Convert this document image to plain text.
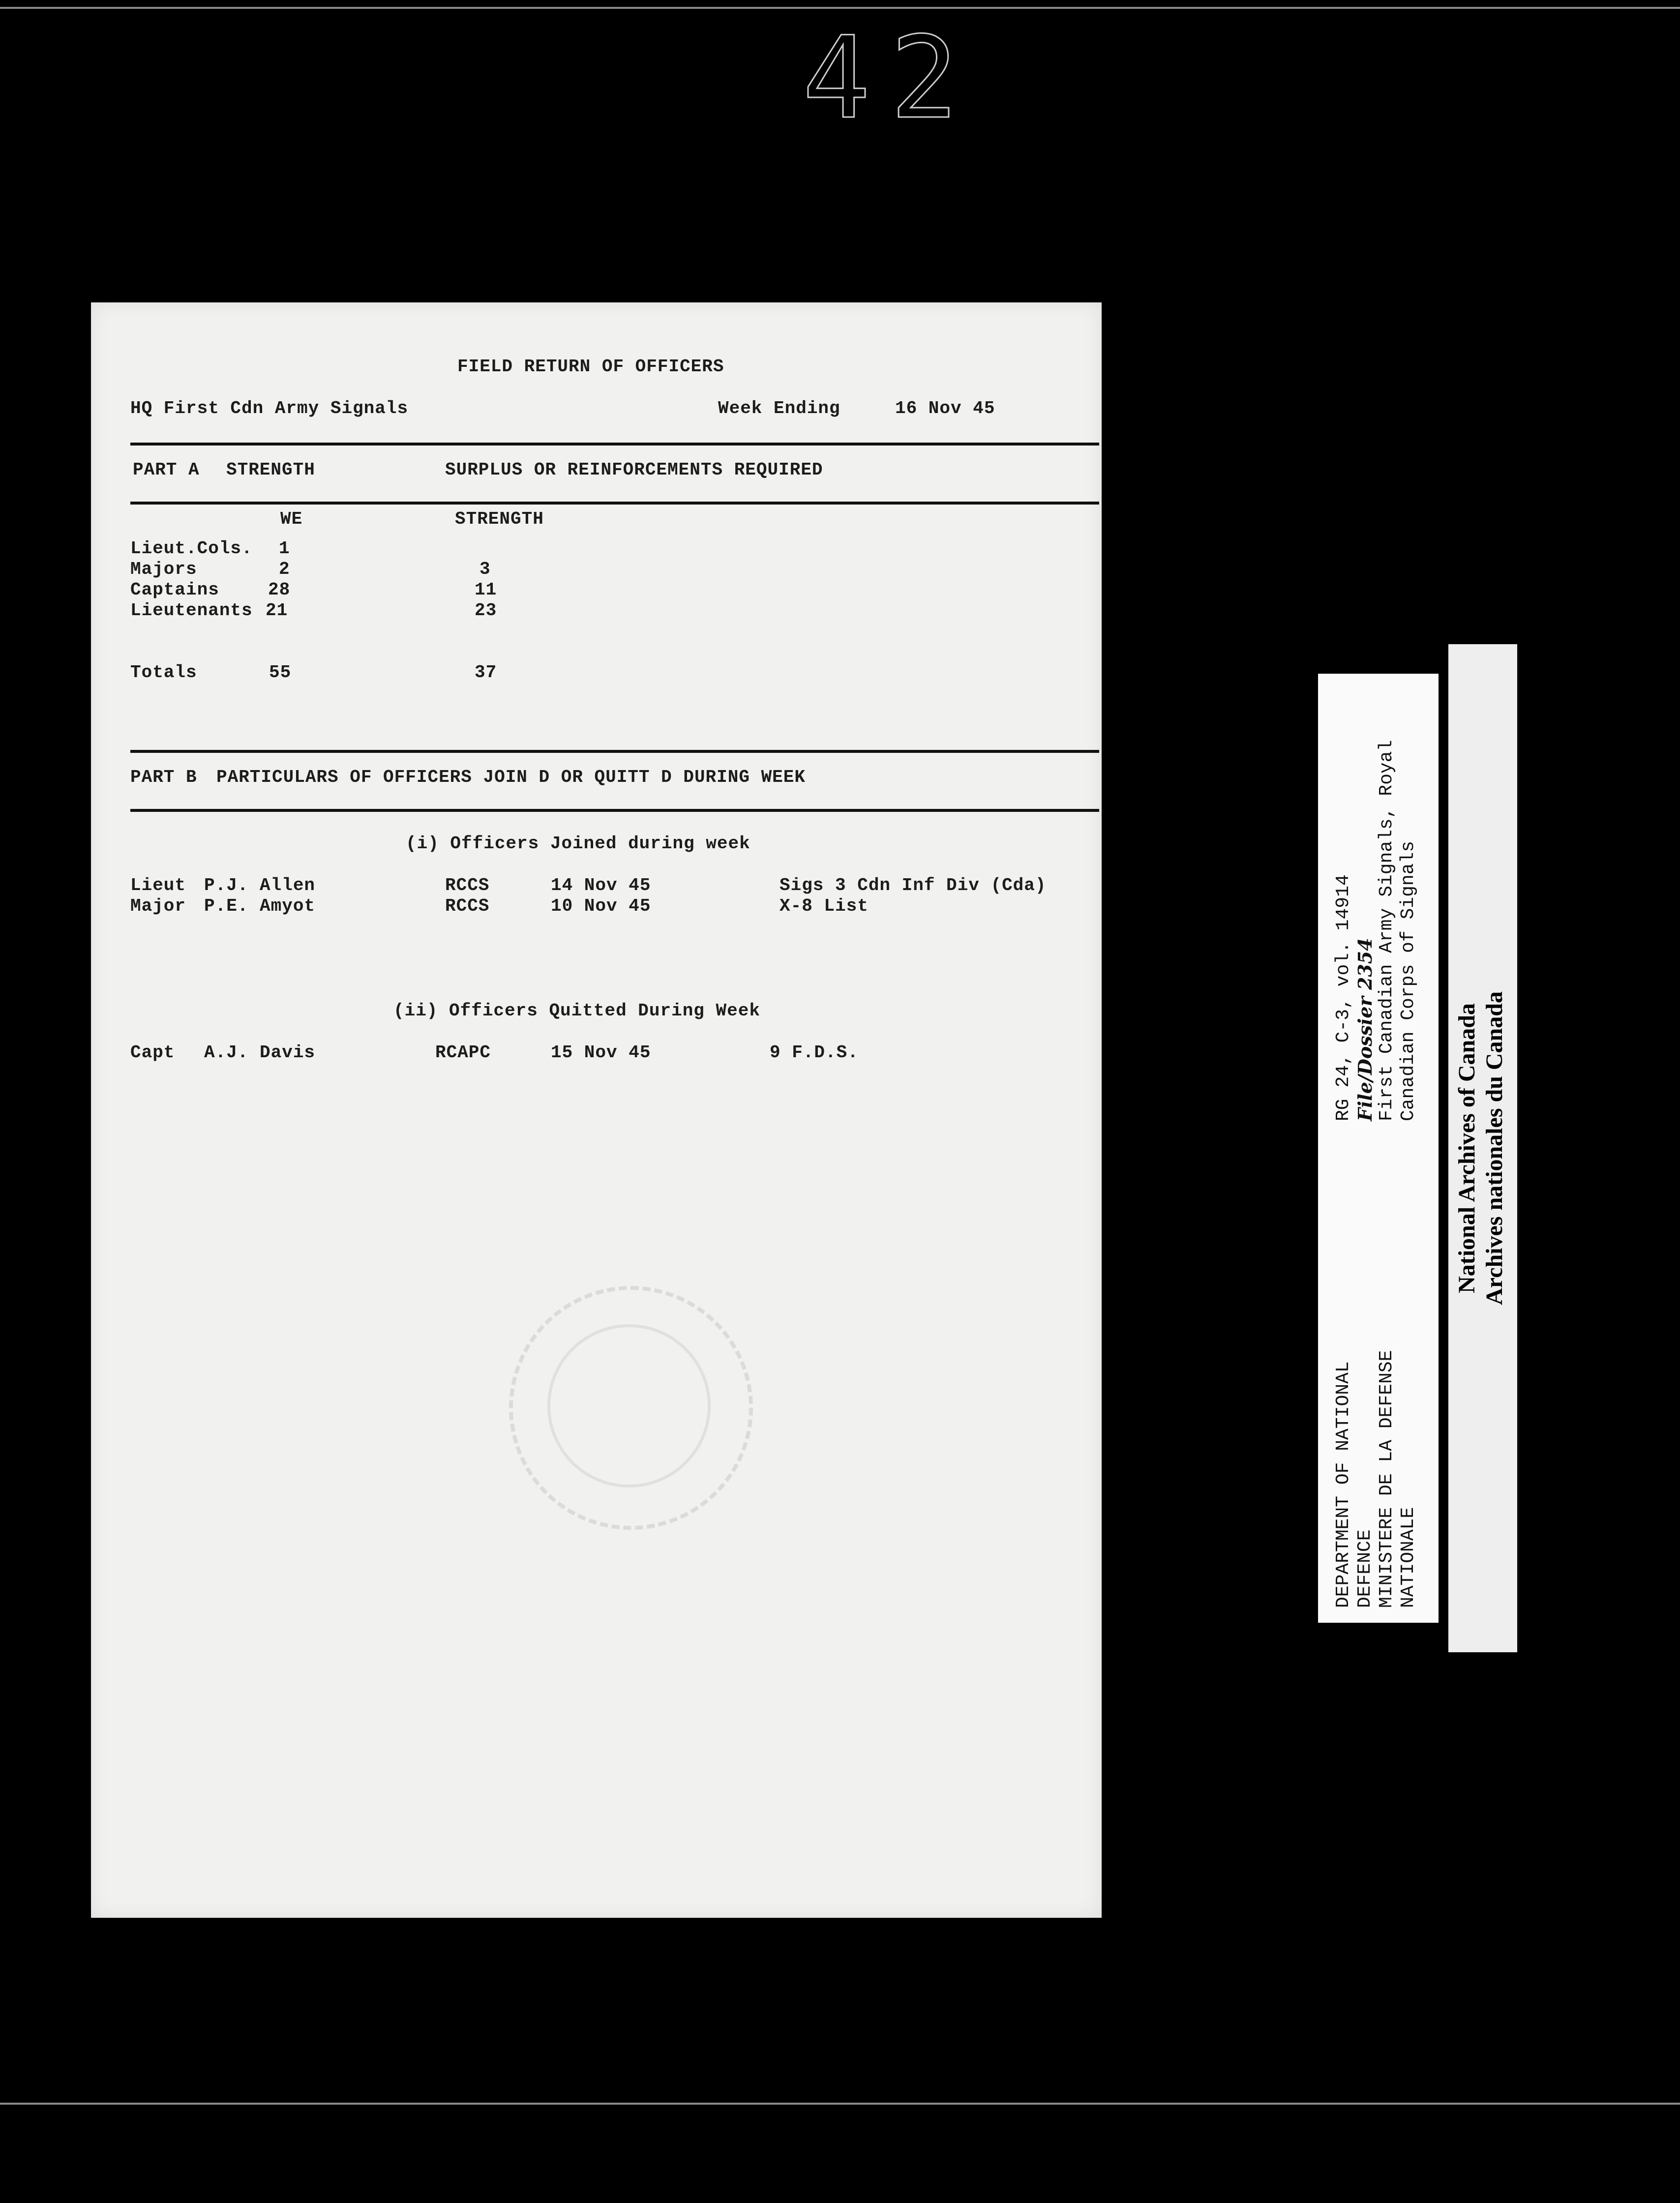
42
FIELD RETURN OF OFFICERS
HQ First Cdn Army Signals	Week Ending	16 Nov 45
PART A STRENGTH	SURPLUS OR REINFORCEMENTS REQUIRED
WE	STRENGTH
Lieut.Cols. 1
Majors	2	3
Captains	28	11
Lieutenants 21	23
Totals	55	37
PART B PARTICULARS OF OFFICERS JOIN D OR QUITT D DURING WEEK
(i) Officers Joined during week
Lieut P.J. Allen	RCCS	14 Nov 45	Sigs 3 Cdn Inf Div (Cda)
Major P.E. Amyot	RCCS	10 Nov 45	X-8 List
(ii) Officers Quitted During Week
Capt A.J. Davis	RCAPC	15 Nov 45	9 F.D.S.
DEPARTMENT OF NATIONAL DEFENCE MINISTERE DE LA DEFENSE NATIONALE
RG 24, C-3, vol. 14914 File/Dossier 2354 First Canadian Army Signals, Royal Canadian Corps of Signals
National Archives of Canada Archives nationales du Canada
